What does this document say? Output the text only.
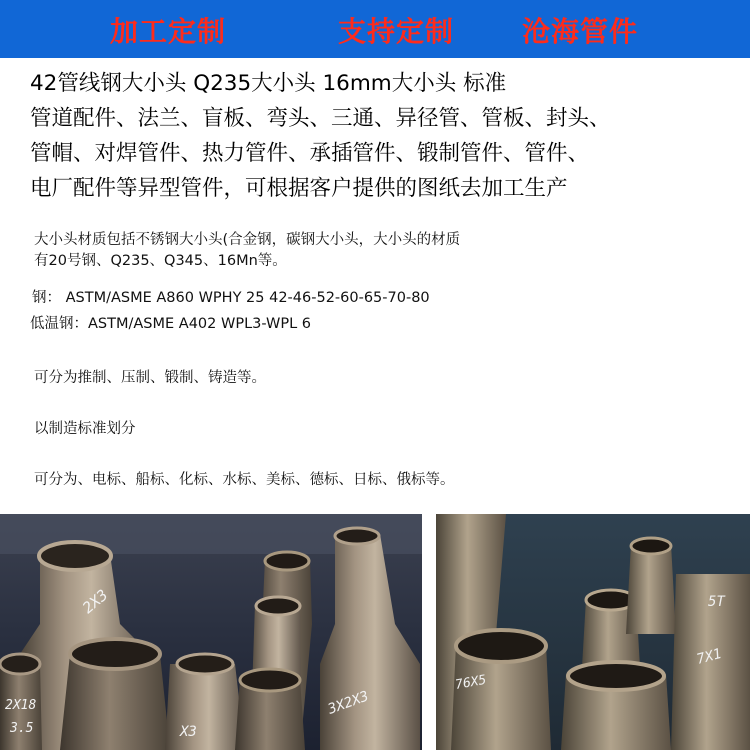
加工定制	支持定制 沧海管件
42管线钢大小头 Q235大小头 16mm大小头 标准
管道配件、法兰、盲板、弯头、三通、异径管、管板、封头、
管帽、对焊管件、热力管件、承插管件、锻制管件、管件、
电厂配件等异型管件，可根据客户提供的图纸去加工生产
大小头材质包括不锈钢大小头(合金钢，碳钢大小头，大小头的材质
有20号钢、Q235、Q345、16Mn等。
钢： ASTM/ASME A860 WPHY 25 42-46-52-60-65-70-80
低温钢：ASTM/ASME A402 WPL3-WPL 6
可分为推制、压制、锻制、铸造等。
以制造标准划分
可分为、电标、船标、化标、水标、美标、德标、日标、俄标等。
2X3
2X18
X3
3X2X3
3.5
5T
7X1
76X5
